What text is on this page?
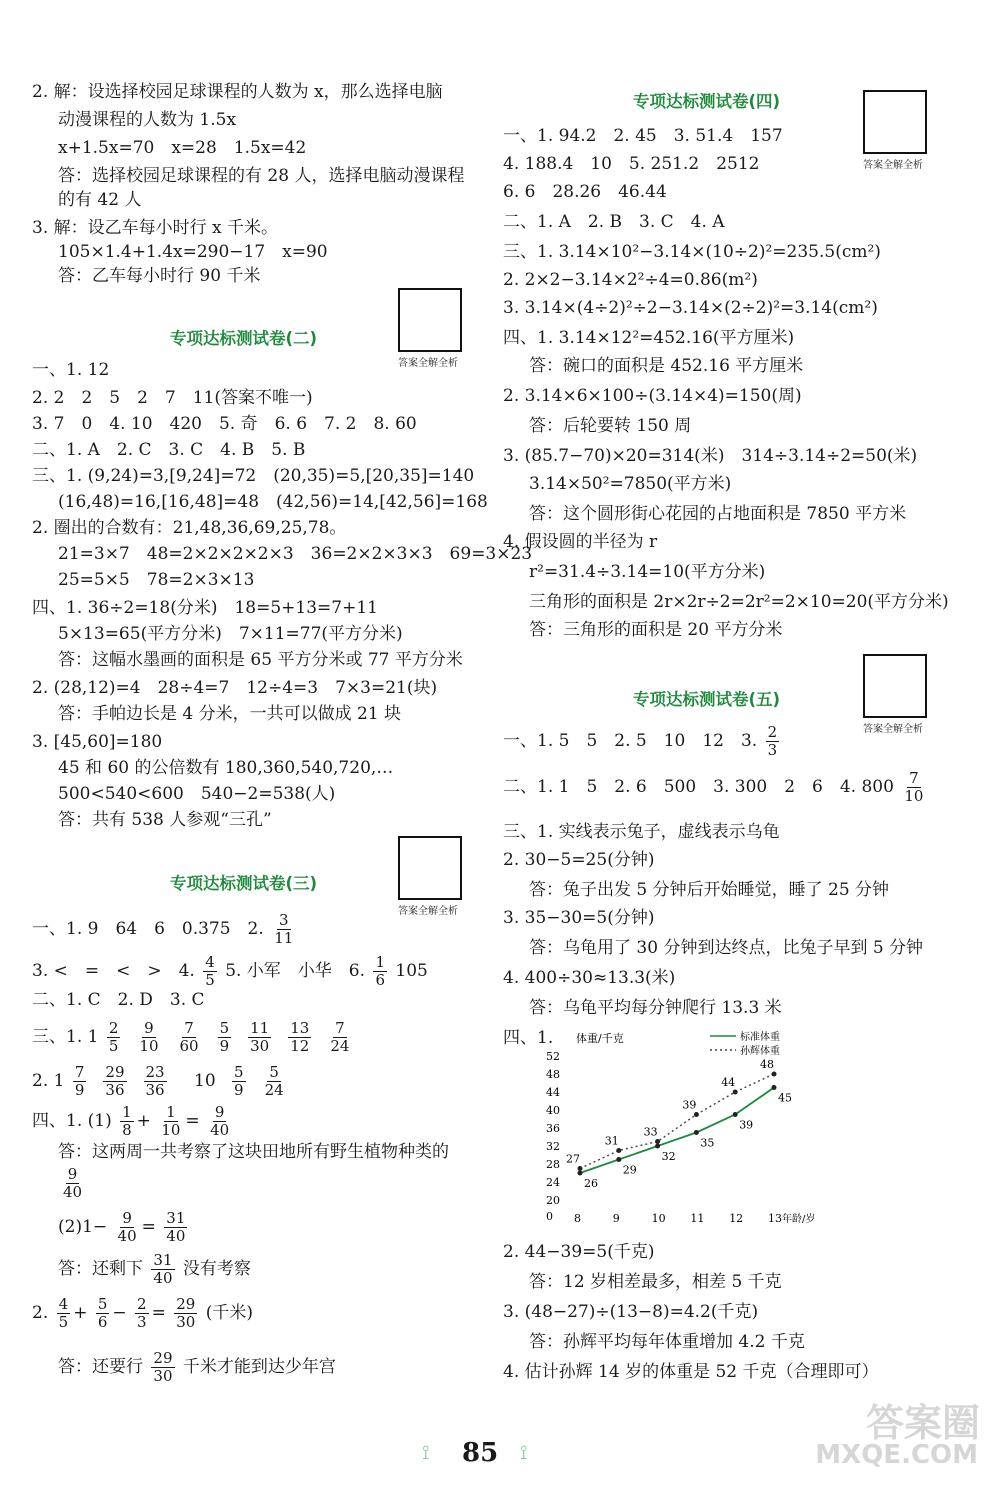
2. 解：设选择校园足球课程的人数为 x，那么选择电脑
动漫课程的人数为 1.5x
x+1.5x=70　x=28　1.5x=42
答：选择校园足球课程的有 28 人，选择电脑动漫课程
的有 42 人
3. 解：设乙车每小时行 x 千米。
105×1.4+1.4x=290−17　x=90
答：乙车每小时行 90 千米
专项达标测试卷(二)
一、1. 12
2. 2　2　5　2　7　11(答案不唯一)
3. 7　0　4. 10　420　5. 奇　6. 6　7. 2　8. 60
二、1. A　2. C　3. C　4. B　5. B
三、1. (9,24)=3,[9,24]=72　(20,35)=5,[20,35]=140
(16,48)=16,[16,48]=48　(42,56)=14,[42,56]=168
2. 圈出的合数有：21,48,36,69,25,78。
21=3×7　48=2×2×2×2×3　36=2×2×3×3　69=3×23
25=5×5　78=2×3×13
四、1. 36÷2=18(分米)　18=5+13=7+11
5×13=65(平方分米)　7×11=77(平方分米)
答：这幅水墨画的面积是 65 平方分米或 77 平方分米
2. (28,12)=4　28÷4=7　12÷4=3　7×3=21(块)
答：手帕边长是 4 分米，一共可以做成 21 块
3. [45,60]=180
45 和 60 的公倍数有 180,360,540,720,…
500<540<600　540−2=538(人)
答：共有 538 人参观“三孔”
专项达标测试卷(三)
一、1. 9　64　6　0.375　2. $\frac{3}{11}$
3. <　=　<　>　4. $\frac{4}{5} 5$. 小军　小华　6. $\frac{1}{6} 105$
二、1. C　2. D　3. C
三、1. $1 \frac{2}{5} \frac{9}{10} \frac{7}{60} \frac{5}{9} \frac{11}{30} \frac{13}{12} \frac{7}{24}$
2. $1 \frac{7}{9} \frac{29}{36} \frac{23}{36} 10 \frac{5}{9} \frac{5}{24}$
四、1. $(1) \frac{1}{8} + \frac{1}{10} = \frac{9}{40}$
答：这两周一共考察了这块田地所有野生植物种类的
$\frac{9}{40}$
$(2)1- \frac{9}{40} = \frac{31}{40}$
答：还剩下 $\frac{31}{40}$ 没有考察
2. $\frac{4}{5} + \frac{5}{6} - \frac{2}{3} = \frac{29}{30}$ (千米)
答：还要行 $\frac{29}{30}$ 千米才能到达少年宫
答案全解全析
答案全解全析
专项达标测试卷(四)
一、1. 94.2　2. 45　3. 51.4　157
4. 188.4　10　5. 251.2　2512
6. 6　28.26　46.44
二、1. A　2. B　3. C　4. A
三、1. 3.14×10²−3.14×(10÷2)²=235.5(cm²)
2. 2×2−3.14×2²÷4=0.86(m²)
3. 3.14×(4÷2)²÷2−3.14×(2÷2)²=3.14(cm²)
四、1. 3.14×12²=452.16(平方厘米)
答：碗口的面积是 452.16 平方厘米
2. 3.14×6×100÷(3.14×4)=150(周)
答：后轮要转 150 周
3. (85.7−70)×20=314(米)　314÷3.14÷2=50(米)
3.14×50²=7850(平方米)
答：这个圆形街心花园的占地面积是 7850 平方米
4. 假设圆的半径为 r
r²=31.4÷3.14=10(平方分米)
三角形的面积是 2r×2r÷2=2r²=2×10=20(平方分米)
答：三角形的面积是 20 平方分米
专项达标测试卷(五)
一、1. 5　5　2. 5　10　12　3. $\frac{2}{3}$
二、1. 1　5　2. 6　500　3. 300　2　6　4. $800 \frac{7}{10}$
三、1. 实线表示兔子，虚线表示乌龟
2. 30−5=25(分钟)
答：兔子出发 5 分钟后开始睡觉，睡了 25 分钟
3. 35−30=5(分钟)
答：乌龟用了 30 分钟到达终点，比兔子早到 5 分钟
4. 400÷30≈13.3(米)
答：乌龟平均每分钟爬行 13.3 米
四、1.
2. 44−39=5(千克)
答：12 岁相差最多，相差 5 千克
3. (48−27)÷(13−8)=4.2(千克)
答：孙辉平均每年体重增加 4.2 千克
4. 估计孙辉 14 岁的体重是 52 千克（合理即可）
答案全解全析
答案全解全析
体重/千克
0
20
24
28
32
36
40
44
48
52
8	9	10 11 12 13 年龄/岁
26
29
32
35
39
45
27
31
33
39
44
48
标准体重
孙辉体重
⟟ 85 ⟟
答案圈
MXQE.COM
